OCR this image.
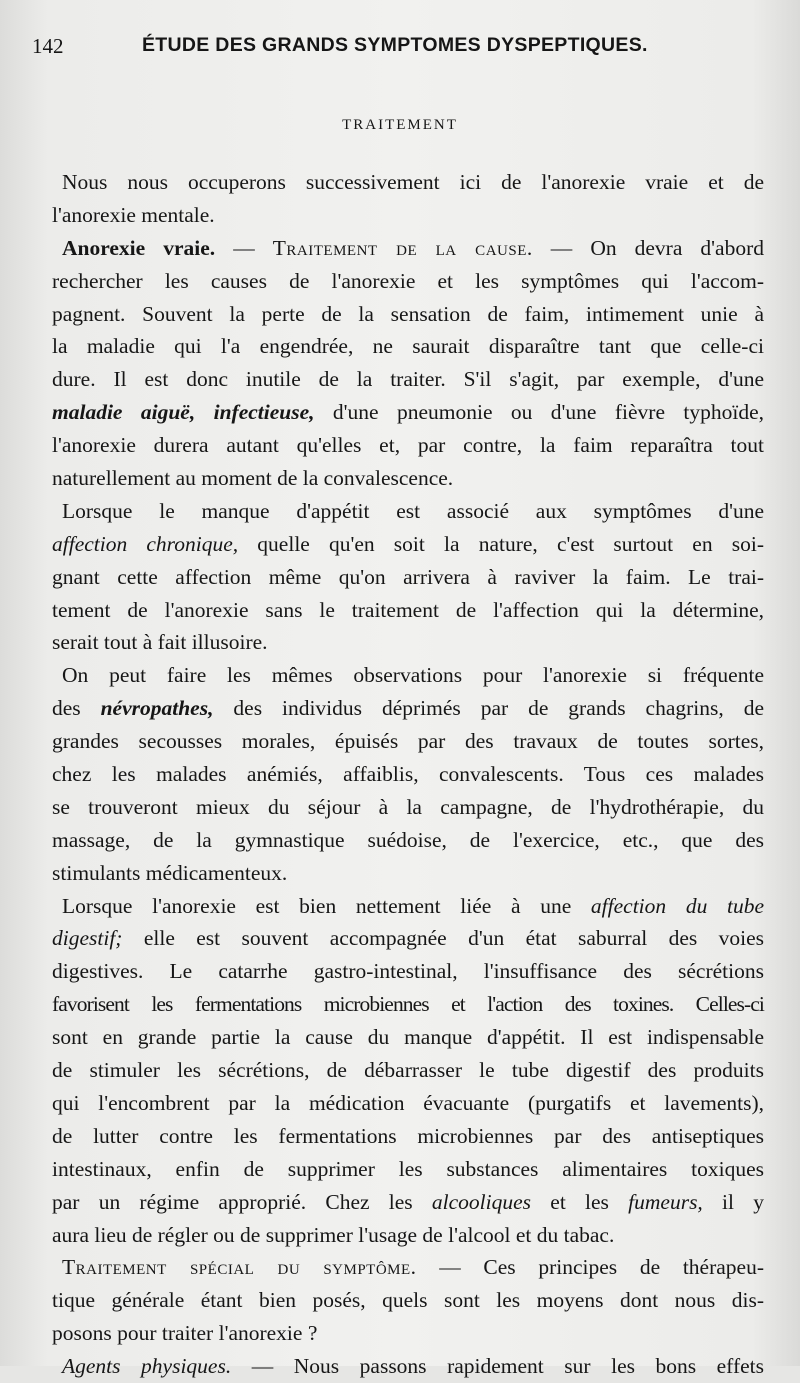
142	ÉTUDE DES GRANDS SYMPTOMES DYSPEPTIQUES.
TRAITEMENT
Nous nous occuperons successivement ici de l'anorexie vraie et de
l'anorexie mentale.
Anorexie vraie. — Traitement de la cause. — On devra d'abord
rechercher les causes de l'anorexie et les symptômes qui l'accom-
pagnent. Souvent la perte de la sensation de faim, intimement unie à
la maladie qui l'a engendrée, ne saurait disparaître tant que celle-ci
dure. Il est donc inutile de la traiter. S'il s'agit, par exemple, d'une
maladie aiguë, infectieuse, d'une pneumonie ou d'une fièvre typhoïde,
l'anorexie durera autant qu'elles et, par contre, la faim reparaîtra tout
naturellement au moment de la convalescence.
Lorsque le manque d'appétit est associé aux symptômes d'une
affection chronique, quelle qu'en soit la nature, c'est surtout en soi-
gnant cette affection même qu'on arrivera à raviver la faim. Le trai-
tement de l'anorexie sans le traitement de l'affection qui la détermine,
serait tout à fait illusoire.
On peut faire les mêmes observations pour l'anorexie si fréquente
des névropathes, des individus déprimés par de grands chagrins, de
grandes secousses morales, épuisés par des travaux de toutes sortes,
chez les malades anémiés, affaiblis, convalescents. Tous ces malades
se trouveront mieux du séjour à la campagne, de l'hydrothérapie, du
massage, de la gymnastique suédoise, de l'exercice, etc., que des
stimulants médicamenteux.
Lorsque l'anorexie est bien nettement liée à une affection du tube
digestif; elle est souvent accompagnée d'un état saburral des voies
digestives. Le catarrhe gastro-intestinal, l'insuffisance des sécrétions
favorisent les fermentations microbiennes et l'action des toxines. Celles-ci
sont en grande partie la cause du manque d'appétit. Il est indispensable
de stimuler les sécrétions, de débarrasser le tube digestif des produits
qui l'encombrent par la médication évacuante (purgatifs et lavements),
de lutter contre les fermentations microbiennes par des antiseptiques
intestinaux, enfin de supprimer les substances alimentaires toxiques
par un régime approprié. Chez les alcooliques et les fumeurs, il y
aura lieu de régler ou de supprimer l'usage de l'alcool et du tabac.
Traitement spécial du symptôme. — Ces principes de thérapeu-
tique générale étant bien posés, quels sont les moyens dont nous dis-
posons pour traiter l'anorexie ?
Agents physiques. — Nous passons rapidement sur les bons effets
